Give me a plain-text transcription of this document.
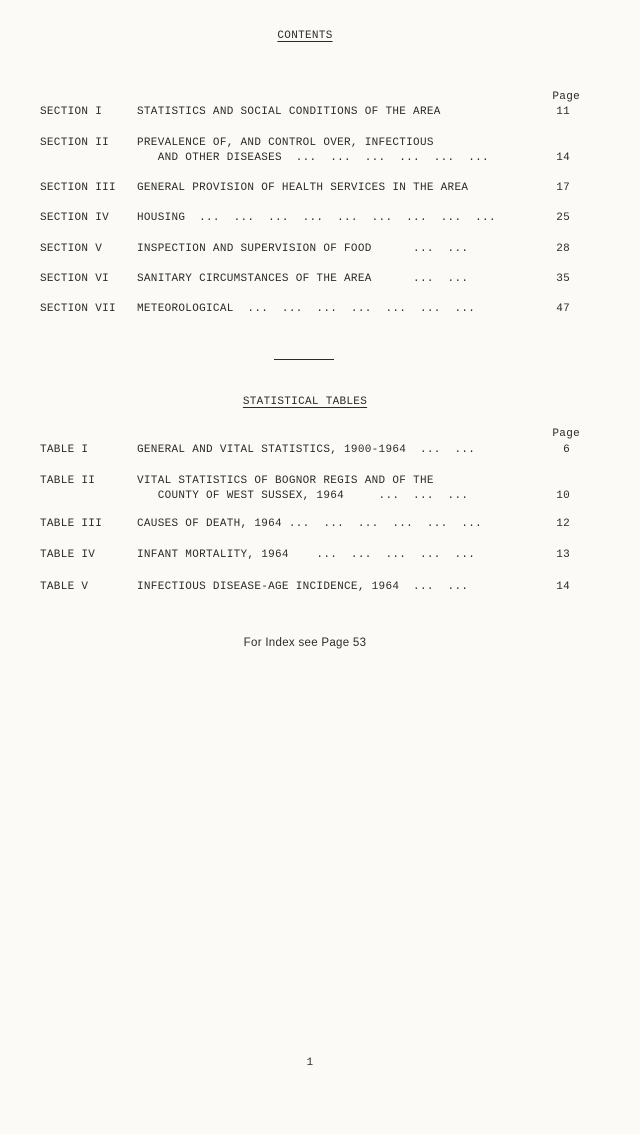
CONTENTS
Page
SECTION I	STATISTICS AND SOCIAL CONDITIONS OF THE AREA	11
SECTION II	PREVALENCE OF, AND CONTROL OVER, INFECTIOUS
AND OTHER DISEASES  ...  ...  ...  ...  ...  ...	14
SECTION III GENERAL PROVISION OF HEALTH SERVICES IN THE AREA	17
SECTION IV	HOUSING  ...  ...  ...  ...  ...  ...  ...  ...  ...	25
SECTION V	INSPECTION AND SUPERVISION OF FOOD      ...  ...	28
SECTION VI	SANITARY CIRCUMSTANCES OF THE AREA      ...  ...	35
SECTION VII METEOROLOGICAL  ...  ...  ...  ...  ...  ...  ...	47
STATISTICAL TABLES
Page
TABLE I	GENERAL AND VITAL STATISTICS, 1900-1964  ...  ...	6
TABLE II	VITAL STATISTICS OF BOGNOR REGIS AND OF THE
COUNTY OF WEST SUSSEX, 1964     ...  ...  ...	10
TABLE III	CAUSES OF DEATH, 1964 ...  ...  ...  ...  ...  ...	12
TABLE IV	INFANT MORTALITY, 1964    ...  ...  ...  ...  ...	13
TABLE V	INFECTIOUS DISEASE-AGE INCIDENCE, 1964  ...  ...	14
For Index see Page 53
1
